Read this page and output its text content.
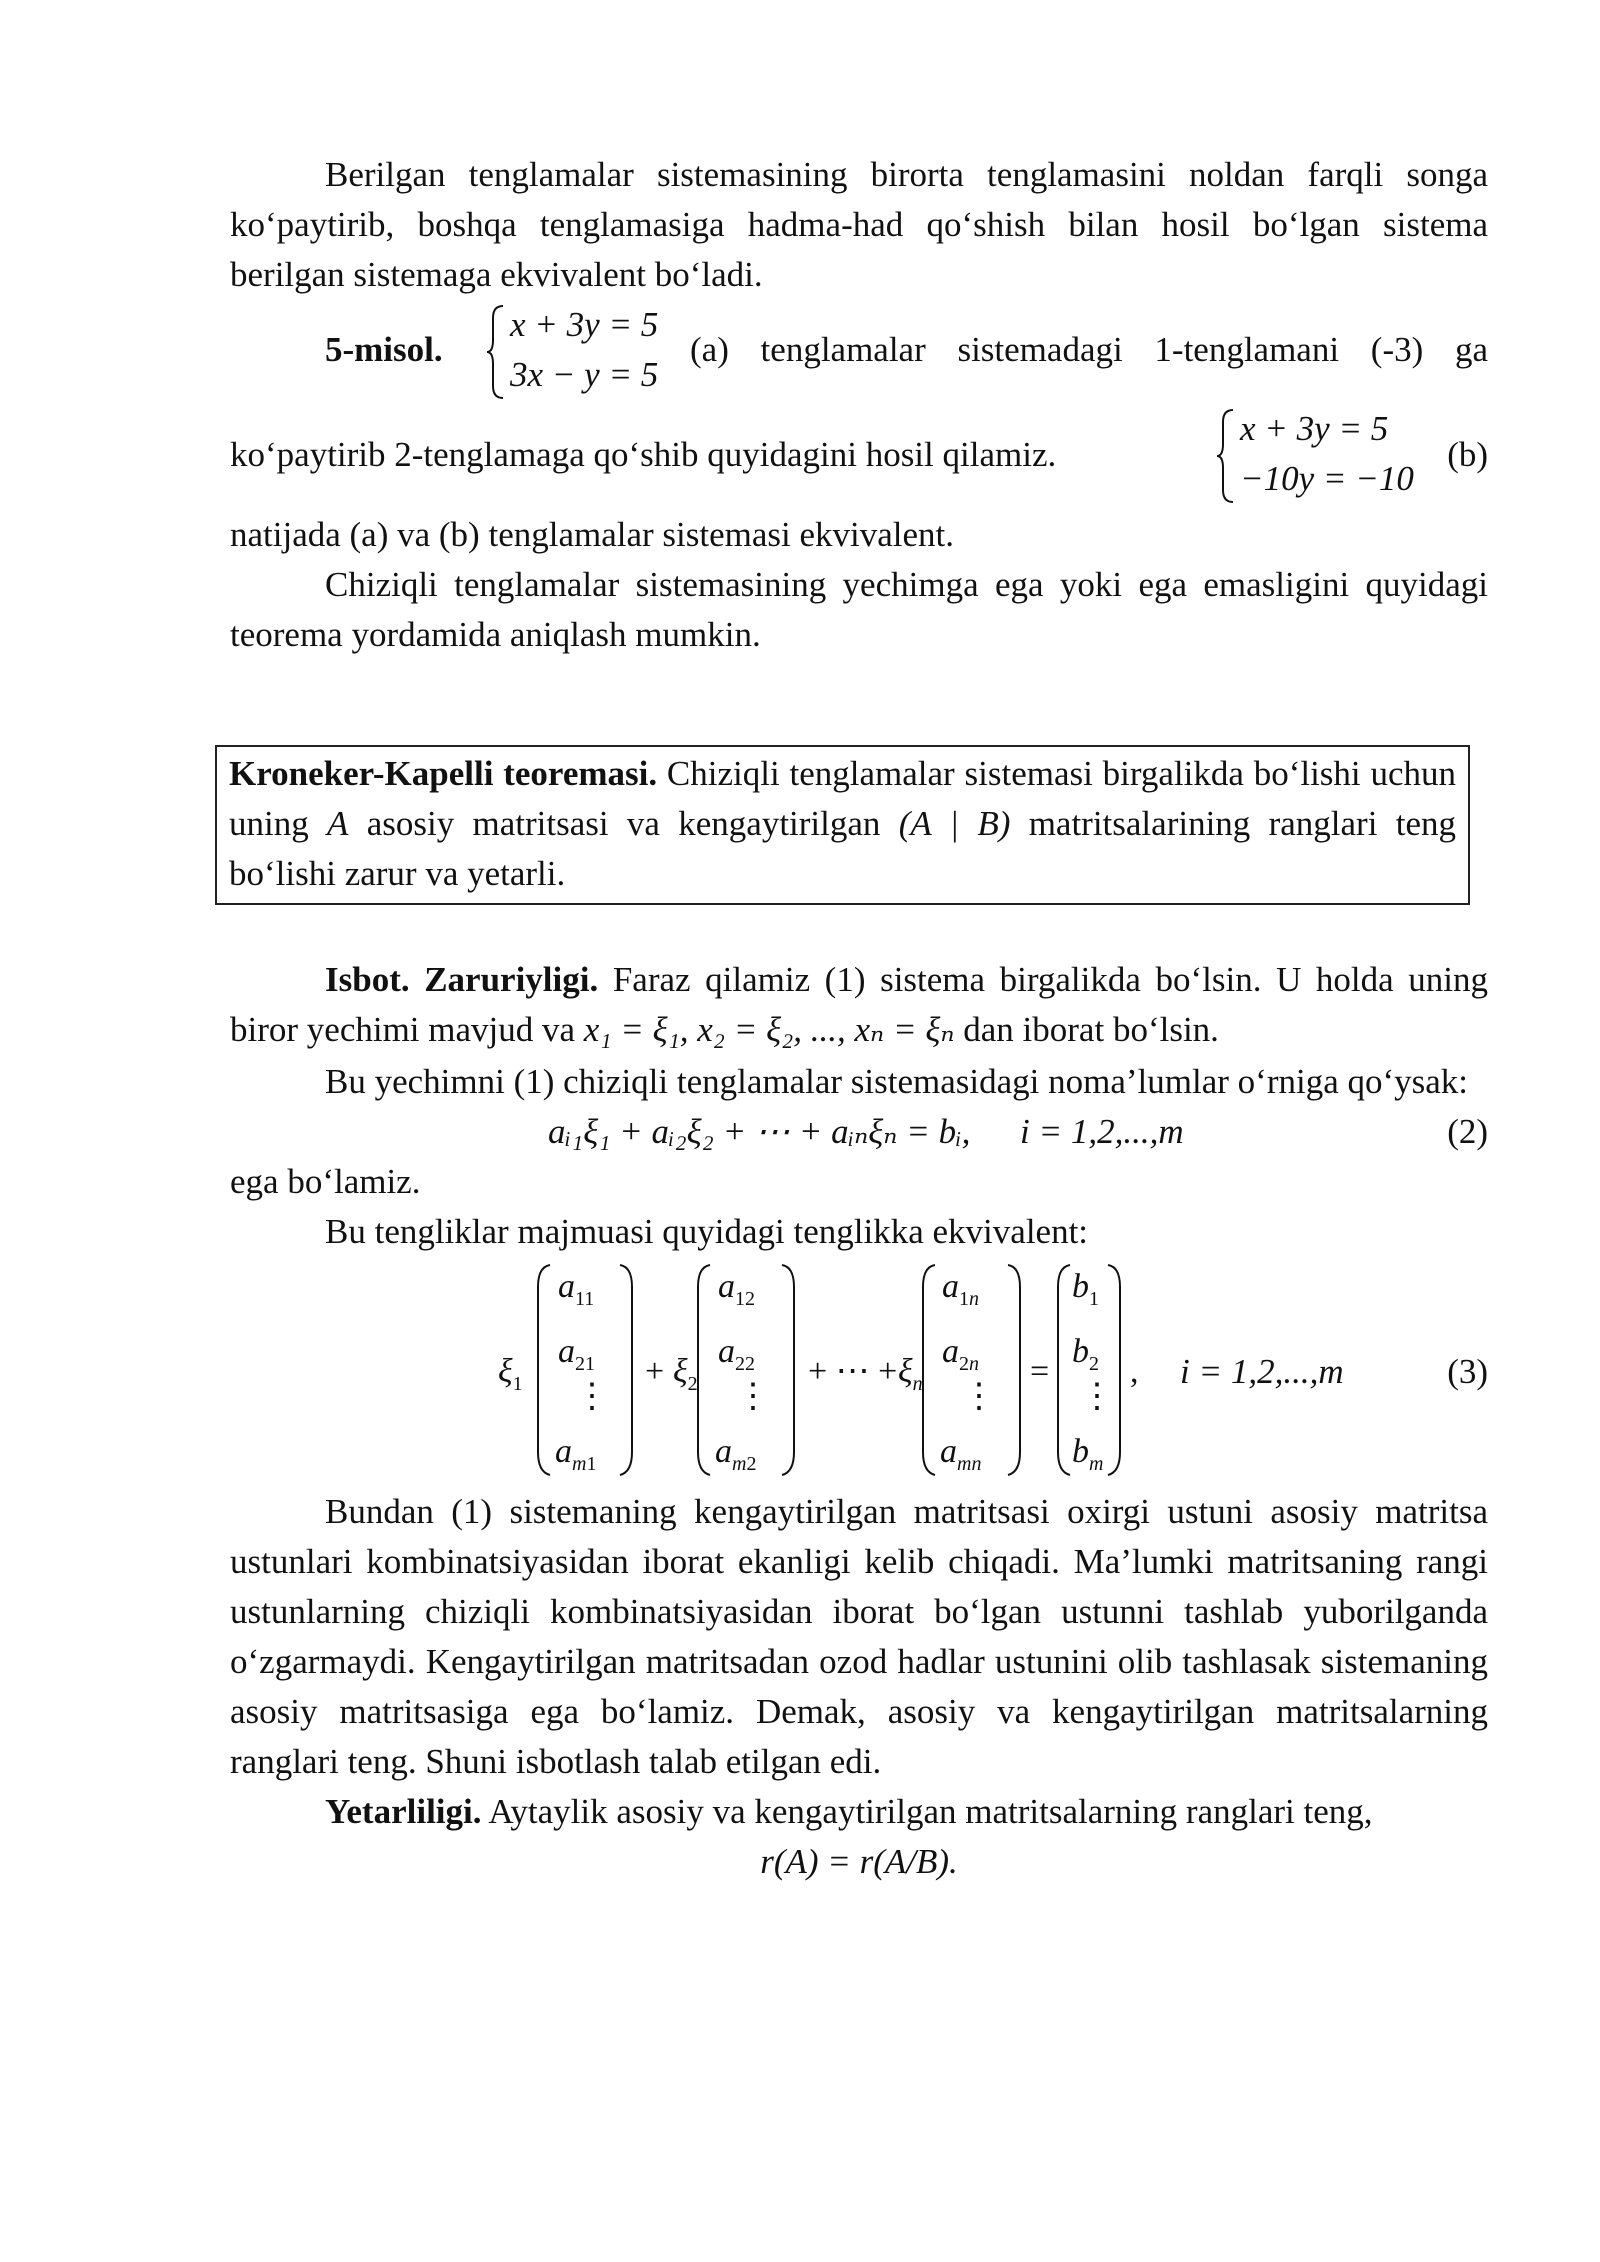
Berilgan tenglamalar sistemasining birorta tenglamasini noldan farqli songa ko‘paytirib, boshqa tenglamasiga hadma-had qo‘shish bilan hosil bo‘lgan sistema berilgan sistemaga ekvivalent bo‘ladi.

5-misol.
x + 3y = 5
3x − y = 5
(a) tenglamalar sistemadagi 1-tenglamani (-3) ga
ko‘paytirib 2-tenglamaga qo‘shib quyidagini hosil qilamiz.
x + 3y = 5
−10y = −10
(b)

natijada (a) va (b) tenglamalar sistemasi ekvivalent.

Chiziqli tenglamalar sistemasining yechimga ega yoki ega emasligini quyidagi teorema yordamida aniqlash mumkin.

Kroneker-Kapelli teoremasi. Chiziqli tenglamalar sistemasi birgalikda bo‘lishi uchun uning A asosiy matritsasi va kengaytirilgan (A | B) matritsalarining ranglari teng bo‘lishi zarur va yetarli.

Isbot. Zaruriyligi. Faraz qilamiz (1) sistema birgalikda bo‘lsin. U holda uning biror yechimi mavjud va x₁ = ξ₁, x₂ = ξ₂, ..., xₙ = ξₙ dan iborat bo‘lsin.

Bu yechimni (1) chiziqli tenglamalar sistemasidagi noma’lumlar o‘rniga qo‘ysak:

aᵢ₁ξ₁ + aᵢ₂ξ₂ + ⋯ + aᵢₙξₙ = bᵢ, i = 1,2,...,m	(2)

ega bo‘lamiz.

Bu tengliklar majmuasi quyidagi tenglikka ekvivalent:

$\xi_1$
$a_{11}$
$a_{21}$
⋮
$a_m1$
+ $\xi_2$
$a_{12}$
$a_{22}$
⋮
$a_m2$
+ ⋯ + $\xi_n$
$a_1n$
$a_2n$
⋮
$a_{mn}$
=
$b_1$
$b_2$
⋮
$b_m$
, i = 1,2,...,m	(3)

Bundan (1) sistemaning kengaytirilgan matritsasi oxirgi ustuni asosiy matritsa ustunlari kombinatsiyasidan iborat ekanligi kelib chiqadi. Ma’lumki matritsaning rangi ustunlarning chiziqli kombinatsiyasidan iborat bo‘lgan ustunni tashlab yuborilganda o‘zgarmaydi. Kengaytirilgan matritsadan ozod hadlar ustunini olib tashlasak sistemaning asosiy matritsasiga ega bo‘lamiz. Demak, asosiy va kengaytirilgan matritsalarning ranglari teng. Shuni isbotlash talab etilgan edi.

Yetarliligi. Aytaylik asosiy va kengaytirilgan matritsalarning ranglari teng,

r(A) = r(A/B).
